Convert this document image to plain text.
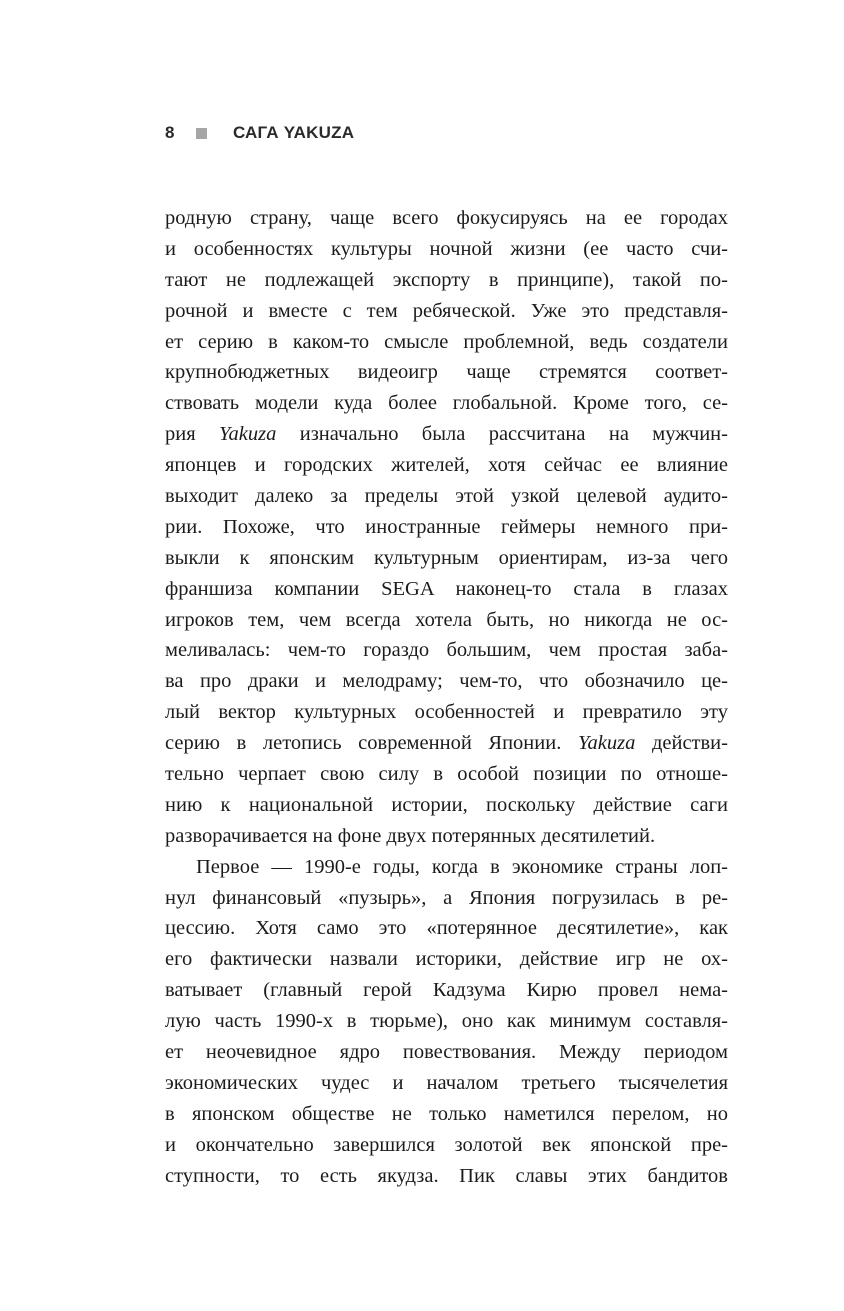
8	САГА YAKUZA
родную страну, чаще всего фокусируясь на ее городах
и особенностях культуры ночной жизни (ее часто счи-
тают не подлежащей экспорту в принципе), такой по-
рочной и вместе с тем ребяческой. Уже это представля-
ет серию в каком-то смысле проблемной, ведь создатели
крупнобюджетных видеоигр чаще стремятся соответ-
ствовать модели куда более глобальной. Кроме того, се-
рия Yakuza изначально была рассчитана на мужчин-
японцев и городских жителей, хотя сейчас ее влияние
выходит далеко за пределы этой узкой целевой аудито-
рии. Похоже, что иностранные геймеры немного при-
выкли к японским культурным ориентирам, из-за чего
франшиза компании SEGA наконец-то стала в глазах
игроков тем, чем всегда хотела быть, но никогда не ос-
меливалась: чем-то гораздо большим, чем простая заба-
ва про драки и мелодраму; чем-то, что обозначило це-
лый вектор культурных особенностей и превратило эту
серию в летопись современной Японии. Yakuza действи-
тельно черпает свою силу в особой позиции по отноше-
нию к национальной истории, поскольку действие саги
разворачивается на фоне двух потерянных десятилетий.
Первое — 1990-е годы, когда в экономике страны лоп-
нул финансовый «пузырь», а Япония погрузилась в ре-
цессию. Хотя само это «потерянное десятилетие», как
его фактически назвали историки, действие игр не ох-
ватывает (главный герой Кадзума Кирю провел нема-
лую часть 1990-х в тюрьме), оно как минимум составля-
ет неочевидное ядро повествования. Между периодом
экономических чудес и началом третьего тысячелетия
в японском обществе не только наметился перелом, но
и окончательно завершился золотой век японской пре-
ступности, то есть якудза. Пик славы этих бандитов
